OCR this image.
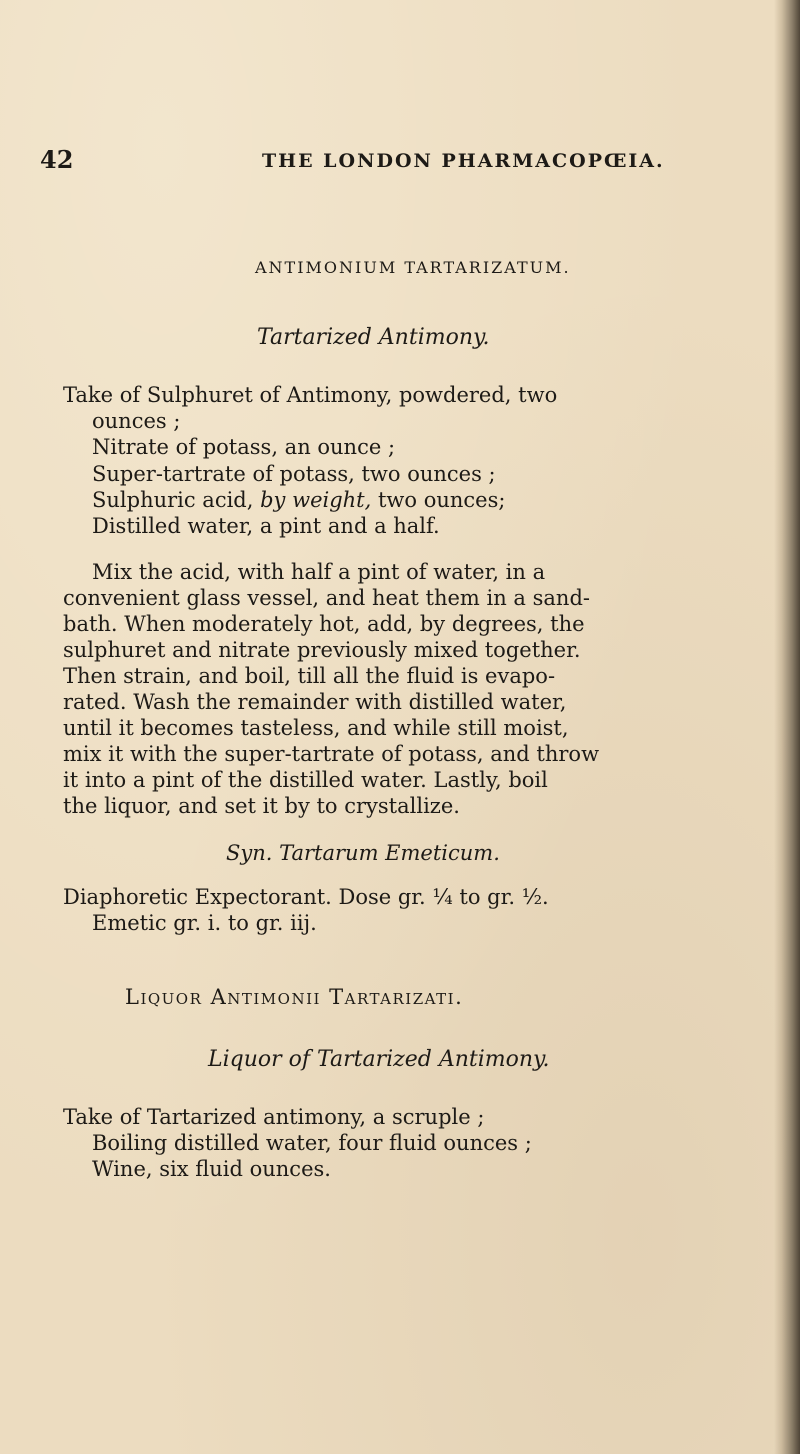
42	THE LONDON PHARMACOPŒIA.
ANTIMONIUM TARTARIZATUM.
Tartarized Antimony.
Take of Sulphuret of Antimony, powdered, two
ounces ;
Nitrate of potass, an ounce ;
Super-tartrate of potass, two ounces ;
Sulphuric acid, by weight, two ounces;
Distilled water, a pint and a half.
Mix the acid, with half a pint of water, in a
convenient glass vessel, and heat them in a sand-
bath. When moderately hot, add, by degrees, the
sulphuret and nitrate previously mixed together.
Then strain, and boil, till all the fluid is evapo-
rated. Wash the remainder with distilled water,
until it becomes tasteless, and while still moist,
mix it with the super-tartrate of potass, and throw
it into a pint of the distilled water. Lastly, boil
the liquor, and set it by to crystallize.
Syn. Tartarum Emeticum.
Diaphoretic Expectorant. Dose gr. ¼ to gr. ½.
Emetic gr. i. to gr. iij.
Liquor Antimonii Tartarizati.
Liquor of Tartarized Antimony.
Take of Tartarized antimony, a scruple ;
Boiling distilled water, four fluid ounces ;
Wine, six fluid ounces.
